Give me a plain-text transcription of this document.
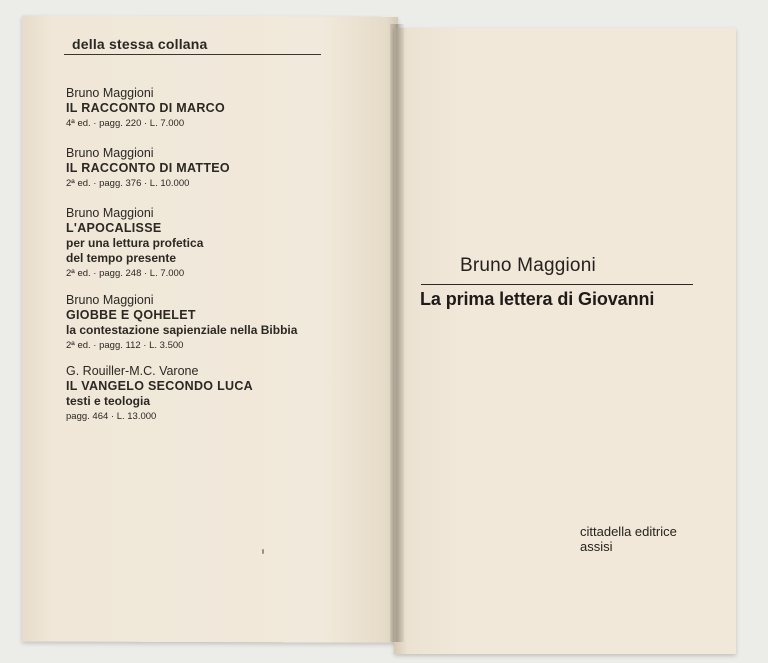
della stessa collana
Bruno Maggioni
IL RACCONTO DI MARCO
4ª ed. · pagg. 220 · L. 7.000
Bruno Maggioni
IL RACCONTO DI MATTEO
2ª ed. · pagg. 376 · L. 10.000
Bruno Maggioni
L'APOCALISSE
per una lettura profetica
del tempo presente
2ª ed. · pagg. 248 · L. 7.000
Bruno Maggioni
GIOBBE E QOHELET
la contestazione sapienziale nella Bibbia
2ª ed. · pagg. 112 · L. 3.500
G. Rouiller-M.C. Varone
IL VANGELO SECONDO LUCA
testi e teologia
pagg. 464 · L. 13.000
Bruno Maggioni
La prima lettera di Giovanni
cittadella editrice
assisi
